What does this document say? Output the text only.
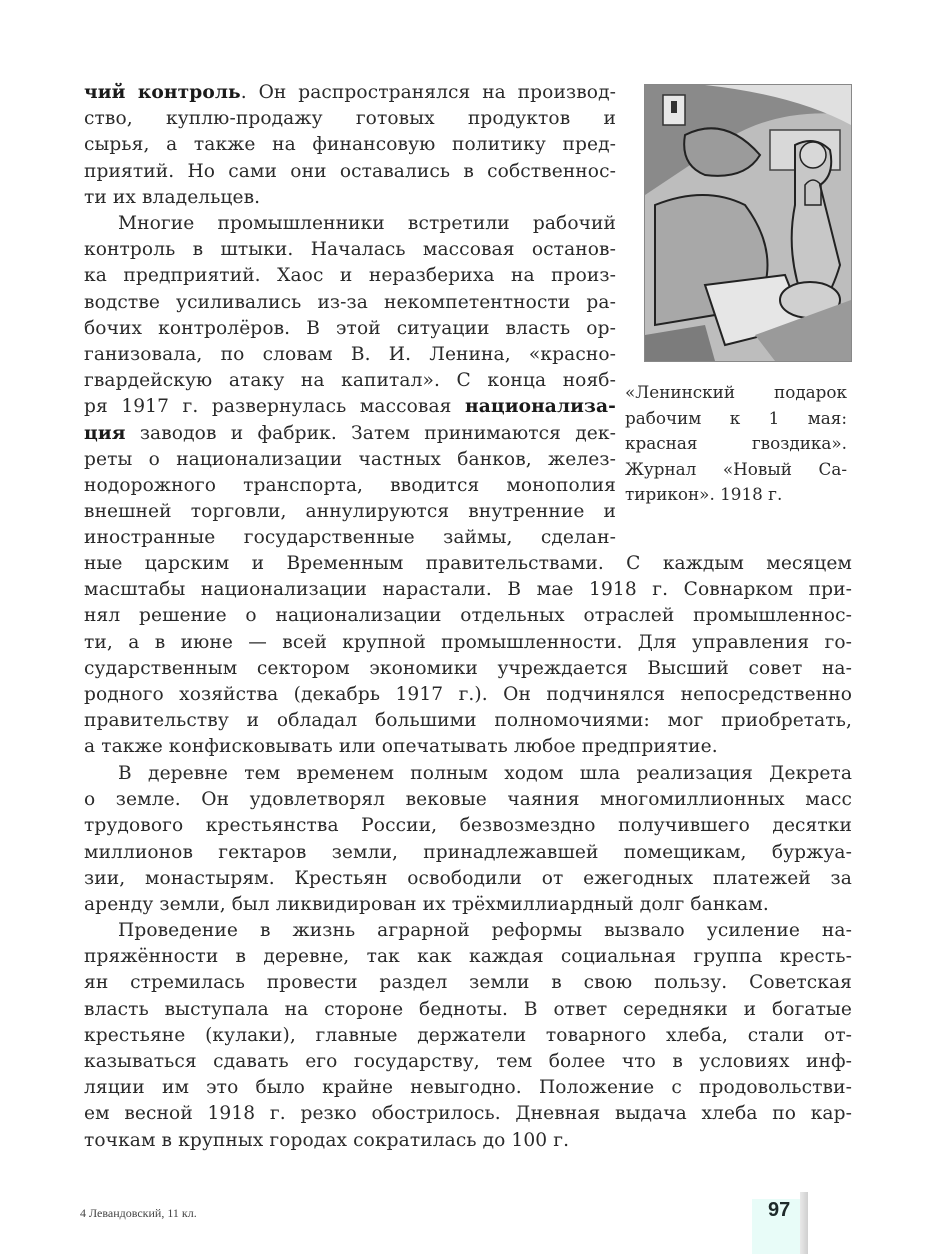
чий контроль. Он распространялся на производ-
ство, куплю-продажу готовых продуктов и
сырья, а также на финансовую политику пред-
приятий. Но сами они оставались в собственнос-
ти их владельцев.
Многие промышленники встретили рабочий
контроль в штыки. Началась массовая останов-
ка предприятий. Хаос и неразбериха на произ-
водстве усиливались из-за некомпетентности ра-
бочих контролёров. В этой ситуации власть ор-
ганизовала, по словам В. И. Ленина, «красно-
гвардейскую атаку на капитал». С конца нояб-
ря 1917 г. развернулась массовая национализа-
ция заводов и фабрик. Затем принимаются дек-
реты о национализации частных банков, желез-
нодорожного транспорта, вводится монополия
внешней торговли, аннулируются внутренние и
иностранные государственные займы, сделан-
ные царским и Временным правительствами. С каждым месяцем
масштабы национализации нарастали. В мае 1918 г. Совнарком при-
нял решение о национализации отдельных отраслей промышленнос-
ти, а в июне — всей крупной промышленности. Для управления го-
сударственным сектором экономики учреждается Высший совет на-
родного хозяйства (декабрь 1917 г.). Он подчинялся непосредственно
правительству и обладал большими полномочиями: мог приобретать,
а также конфисковывать или опечатывать любое предприятие.
В деревне тем временем полным ходом шла реализация Декрета
о земле. Он удовлетворял вековые чаяния многомиллионных масс
трудового крестьянства России, безвозмездно получившего десятки
миллионов гектаров земли, принадлежавшей помещикам, буржуа-
зии, монастырям. Крестьян освободили от ежегодных платежей за
аренду земли, был ликвидирован их трёхмиллиардный долг банкам.
Проведение в жизнь аграрной реформы вызвало усиление на-
пряжённости в деревне, так как каждая социальная группа кресть-
ян стремилась провести раздел земли в свою пользу. Советская
власть выступала на стороне бедноты. В ответ середняки и богатые
крестьяне (кулаки), главные держатели товарного хлеба, стали от-
казываться сдавать его государству, тем более что в условиях инф-
ляции им это было крайне невыгодно. Положение с продовольстви-
ем весной 1918 г. резко обострилось. Дневная выдача хлеба по кар-
точкам в крупных городах сократилась до 100 г.
«Ленинский подарок
рабочим к 1 мая:
красная гвоздика».
Журнал «Новый Са-
тирикон». 1918 г.
4 Левандовский, 11 кл.	97
